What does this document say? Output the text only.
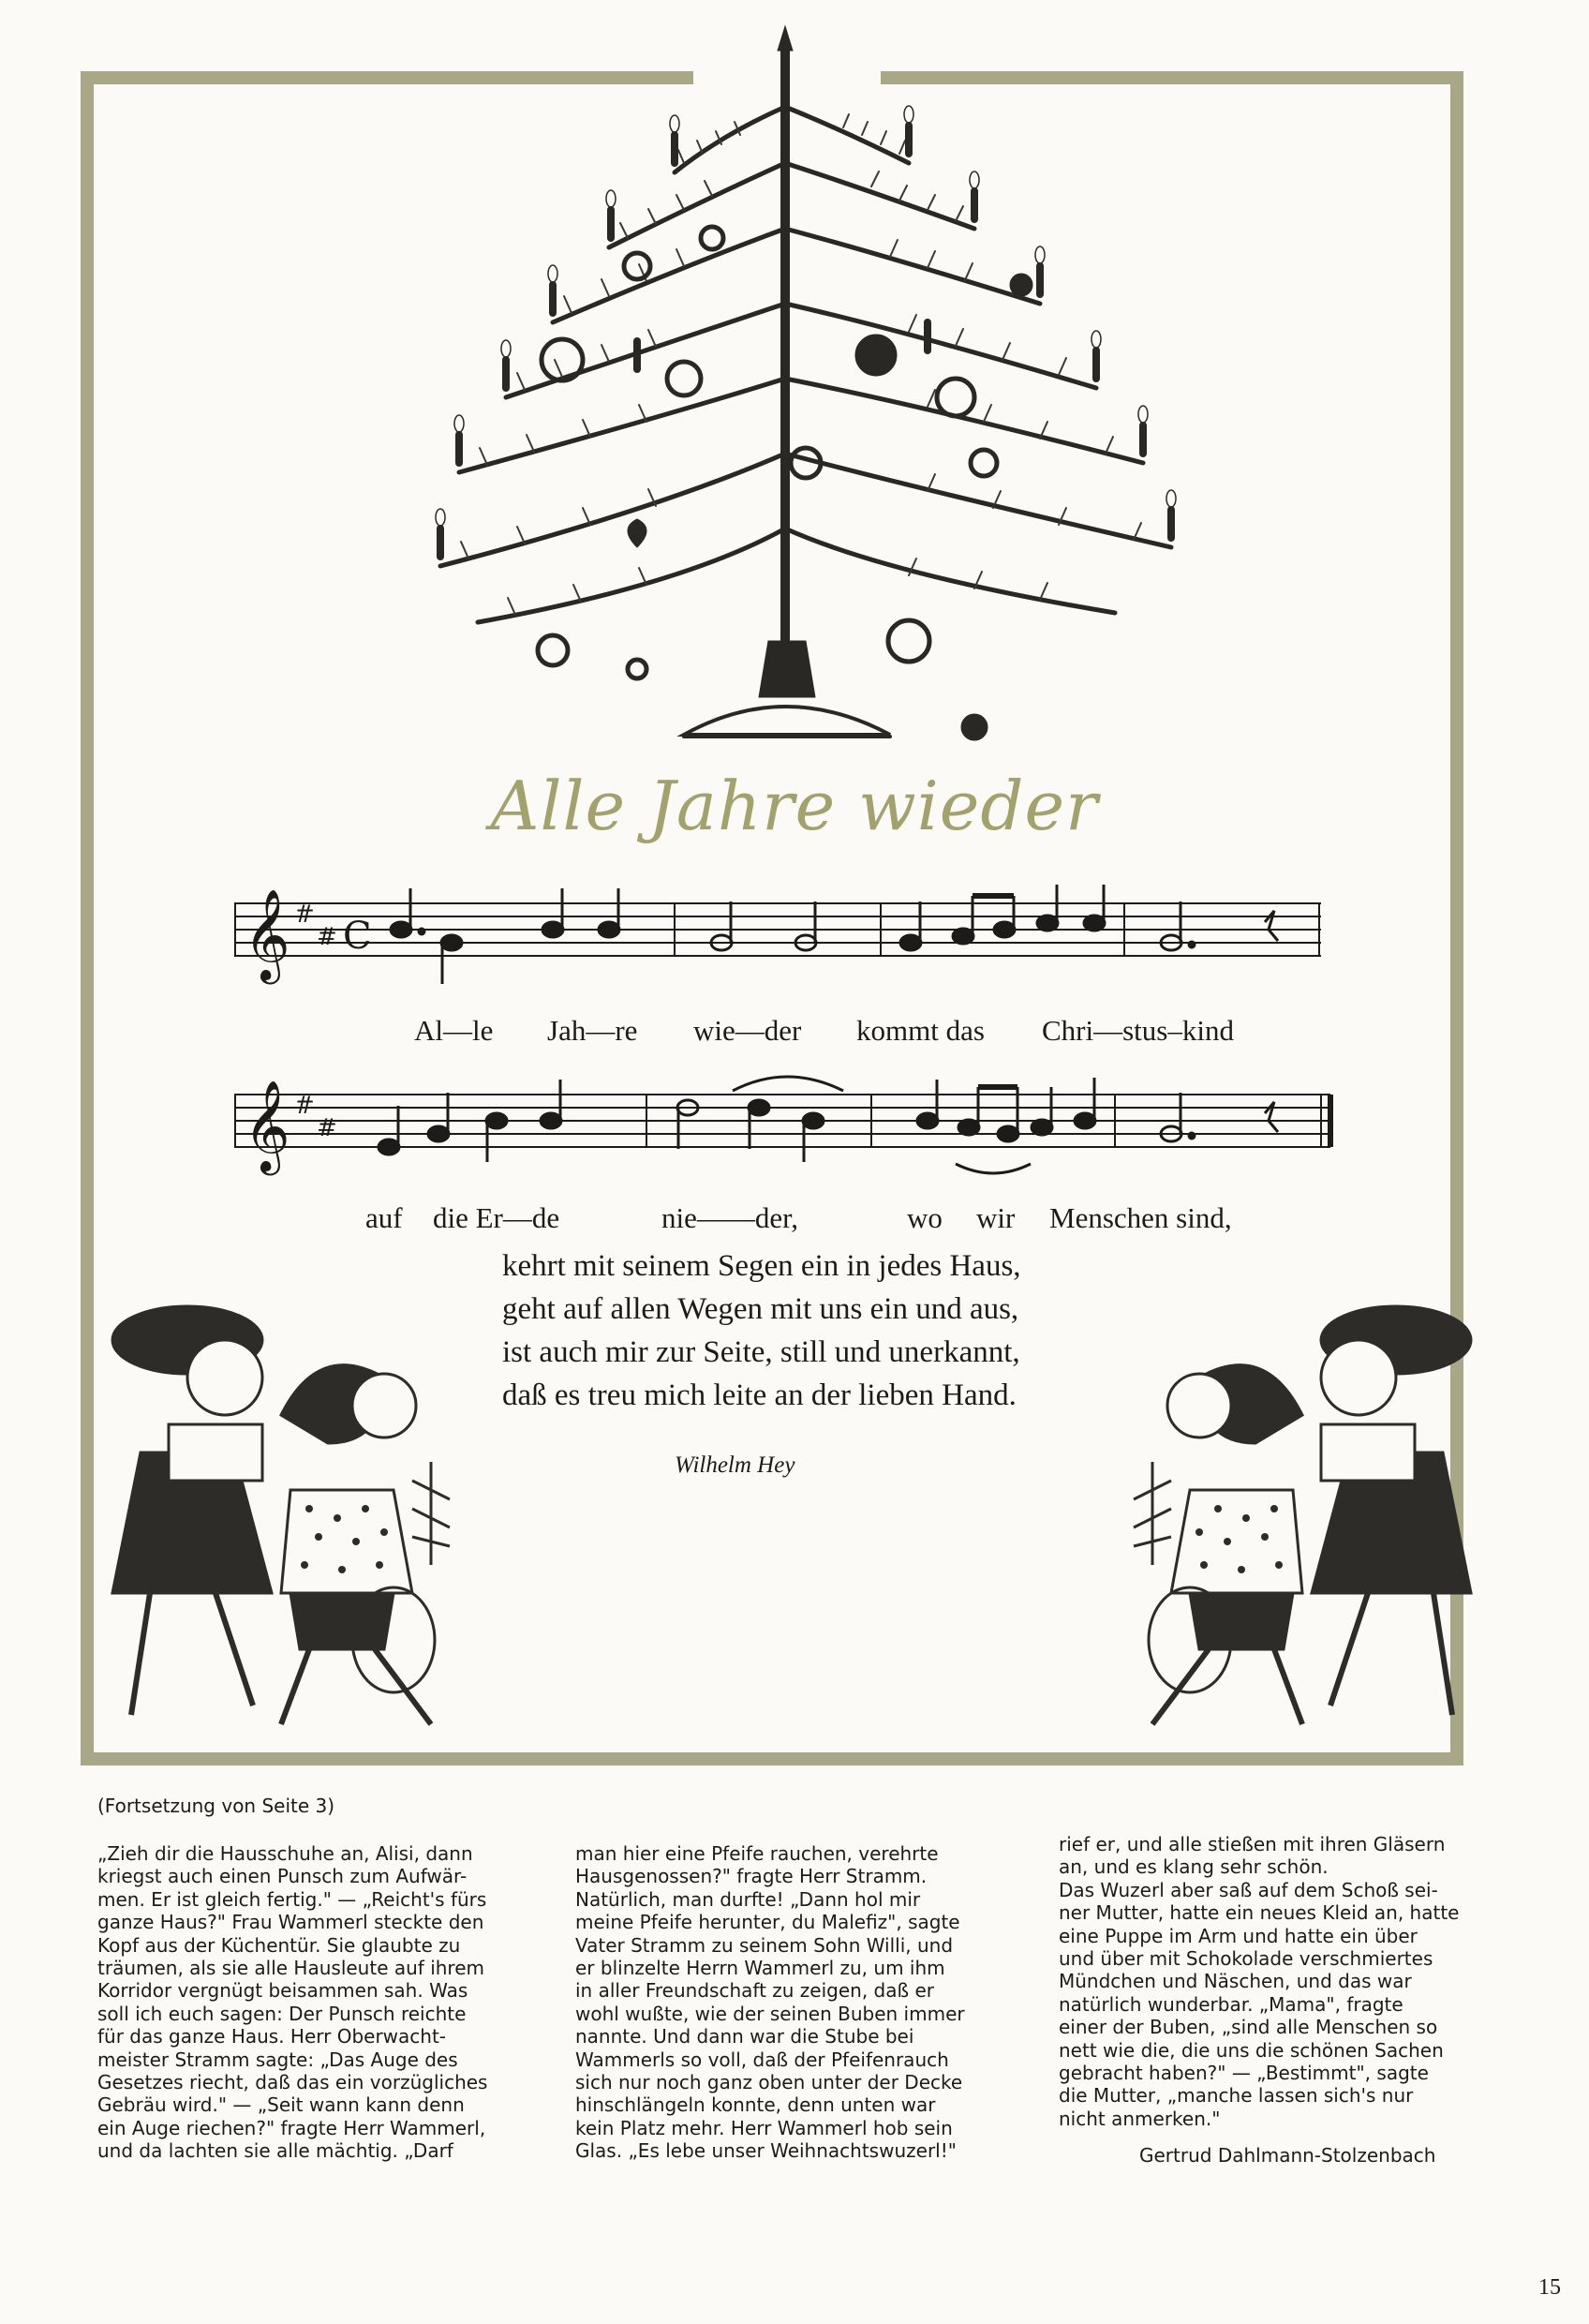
Alle Jahre wieder
𝄞 #
# C
Al—le Jah—re wie—der kommt das Chri—stus–kind
𝄞 #
#
auf die Er—de	nie——der,	wo wir Menschen sind,
kehrt mit seinem Segen ein in jedes Haus,
geht auf allen Wegen mit uns ein und aus,
ist auch mir zur Seite, still und unerkannt,
daß es treu mich leite an der lieben Hand.
Wilhelm Hey
(Fortsetzung von Seite 3)
„Zieh dir die Hausschuhe an, Alisi, dann
kriegst auch einen Punsch zum Aufwär-
men. Er ist gleich fertig." — „Reicht's fürs
ganze Haus?" Frau Wammerl steckte den
Kopf aus der Küchentür. Sie glaubte zu
träumen, als sie alle Hausleute auf ihrem
Korridor vergnügt beisammen sah. Was
soll ich euch sagen: Der Punsch reichte
für das ganze Haus. Herr Oberwacht-
meister Stramm sagte: „Das Auge des
Gesetzes riecht, daß das ein vorzügliches
Gebräu wird." — „Seit wann kann denn
ein Auge riechen?" fragte Herr Wammerl,
und da lachten sie alle mächtig. „Darf
man hier eine Pfeife rauchen, verehrte
Hausgenossen?" fragte Herr Stramm.
Natürlich, man durfte! „Dann hol mir
meine Pfeife herunter, du Malefiz", sagte
Vater Stramm zu seinem Sohn Willi, und
er blinzelte Herrn Wammerl zu, um ihm
in aller Freundschaft zu zeigen, daß er
wohl wußte, wie der seinen Buben immer
nannte. Und dann war die Stube bei
Wammerls so voll, daß der Pfeifenrauch
sich nur noch ganz oben unter der Decke
hinschlängeln konnte, denn unten war
kein Platz mehr. Herr Wammerl hob sein
Glas. „Es lebe unser Weihnachtswuzerl!"
rief er, und alle stießen mit ihren Gläsern
an, und es klang sehr schön.
Das Wuzerl aber saß auf dem Schoß sei-
ner Mutter, hatte ein neues Kleid an, hatte
eine Puppe im Arm und hatte ein über
und über mit Schokolade verschmiertes
Mündchen und Näschen, und das war
natürlich wunderbar. „Mama", fragte
einer der Buben, „sind alle Menschen so
nett wie die, die uns die schönen Sachen
gebracht haben?" — „Bestimmt", sagte
die Mutter, „manche lassen sich's nur
nicht anmerken."
Gertrud Dahlmann-Stolzenbach
15
